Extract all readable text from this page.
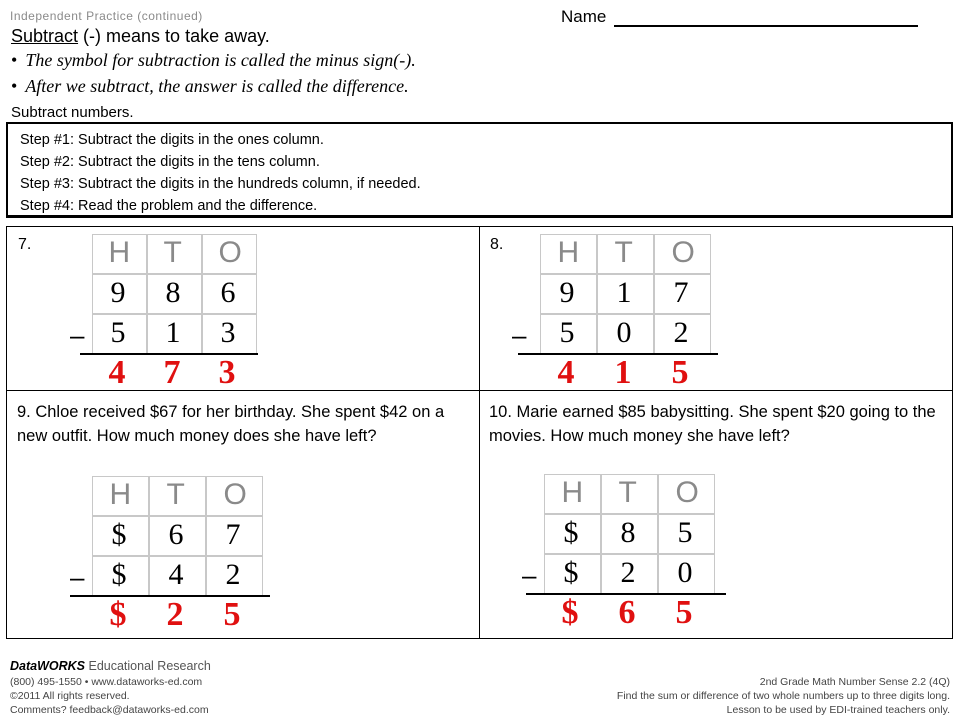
Independent Practice (continued)	Name
Subtract (-) means to take away.
• The symbol for subtraction is called the minus sign(-).
• After we subtract, the answer is called the difference.
Subtract numbers.
Step #1: Subtract the digits in the ones column.
Step #2: Subtract the digits in the tens column.
Step #3: Subtract the digits in the hundreds column, if needed.
Step #4: Read the problem and the difference.
7.	H T O
9 8 6
5 1 3
–
4 7 3
8. H T O
9 1 7
5 0 2
–
4 1 5
9. Chloe received $67 for her birthday. She spent $42 on a new outfit. How much money does she have left?
H T O
$ 6 7
$ 4 2
–
$ 2 5
10. Marie earned $85 babysitting. She spent $20 going to the movies. How much money she have left?
H T O
$ 8 5
$ 2 0
–
$ 6 5
DataWORKS Educational Research
(800) 495-1550 • www.dataworks-ed.com
©2011 All rights reserved.
Comments? feedback@dataworks-ed.com
2nd Grade Math Number Sense 2.2 (4Q)
Find the sum or difference of two whole numbers up to three digits long.
Lesson to be used by EDI-trained teachers only.
